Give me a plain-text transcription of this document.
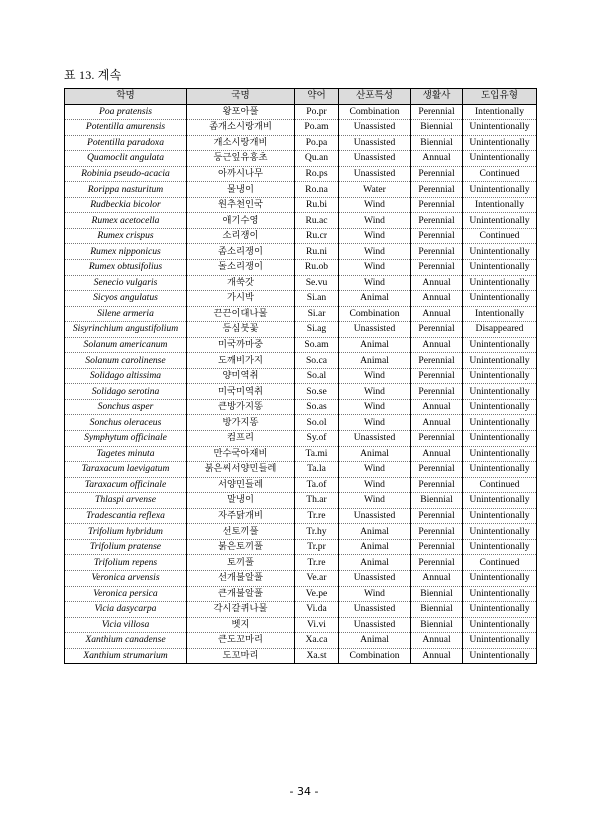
표 13. 계속
학명	국명	약어	산포특성	생활사	도입유형
Poa pratensis	왕포아풀	Po.pr	Combination	Perennial	Intentionally
Potentilla amurensis	좀개소시랑개비	Po.am	Unassisted	Biennial	Unintentionally
Potentilla paradoxa	개소시랑개비	Po.pa	Unassisted	Biennial	Unintentionally
Quamoclit angulata	둥근잎유홍초	Qu.an	Unassisted	Annual	Unintentionally
Robinia pseudo-acacia	아까시나무	Ro.ps	Unassisted	Perennial	Continued
Rorippa nasturitum	물냉이	Ro.na	Water	Perennial	Unintentionally
Rudbeckia bicolor	원추천인국	Ru.bi	Wind	Perennial	Intentionally
Rumex acetocella	애기수영	Ru.ac	Wind	Perennial	Unintentionally
Rumex crispus	소리쟁이	Ru.cr	Wind	Perennial	Continued
Rumex nipponicus	좀소리쟁이	Ru.ni	Wind	Perennial	Unintentionally
Rumex obtusifolius	돌소리쟁이	Ru.ob	Wind	Perennial	Unintentionally
Senecio vulgaris	개쑥갓	Se.vu	Wind	Annual	Unintentionally
Sicyos angulatus	가시박	Si.an	Animal	Annual	Unintentionally
Silene armeria	끈끈이대나물	Si.ar	Combination	Annual	Intentionally
Sisyrinchium angustifolium	등심붓꽃	Si.ag	Unassisted	Perennial	Disappeared
Solanum americanum	미국까마중	So.am	Animal	Annual	Unintentionally
Solanum carolinense	도깨비가지	So.ca	Animal	Perennial	Unintentionally
Solidago altissima	양미역취	So.al	Wind	Perennial	Unintentionally
Solidago serotina	미국미역취	So.se	Wind	Perennial	Unintentionally
Sonchus asper	큰방가지똥	So.as	Wind	Annual	Unintentionally
Sonchus oleraceus	방가지똥	So.ol	Wind	Annual	Unintentionally
Symphytum officinale	컴프리	Sy.of	Unassisted	Perennial	Unintentionally
Tagetes minuta	만수국아재비	Ta.mi	Animal	Annual	Unintentionally
Taraxacum laevigatum	붉은씨서양민들레	Ta.la	Wind	Perennial	Unintentionally
Taraxacum officinale	서양민들레	Ta.of	Wind	Perennial	Continued
Thlaspi arvense	말냉이	Th.ar	Wind	Biennial	Unintentionally
Tradescantia reflexa	자주닭개비	Tr.re	Unassisted	Perennial	Unintentionally
Trifolium hybridum	선토끼풀	Tr.hy	Animal	Perennial	Unintentionally
Trifolium pratense	붉은토끼풀	Tr.pr	Animal	Perennial	Unintentionally
Trifolium repens	토끼풀	Tr.re	Animal	Perennial	Continued
Veronica arvensis	선개불알풀	Ve.ar	Unassisted	Annual	Unintentionally
Veronica persica	큰개불알풀	Ve.pe	Wind	Biennial	Unintentionally
Vicia dasycarpa	각시갈퀴나물	Vi.da	Unassisted	Biennial	Unintentionally
Vicia villosa	벳지	Vi.vi	Unassisted	Biennial	Unintentionally
Xanthium canadense	큰도꼬마리	Xa.ca	Animal	Annual	Unintentionally
Xanthium strumarium	도꼬마리	Xa.st	Combination	Annual	Unintentionally
- 34 -
